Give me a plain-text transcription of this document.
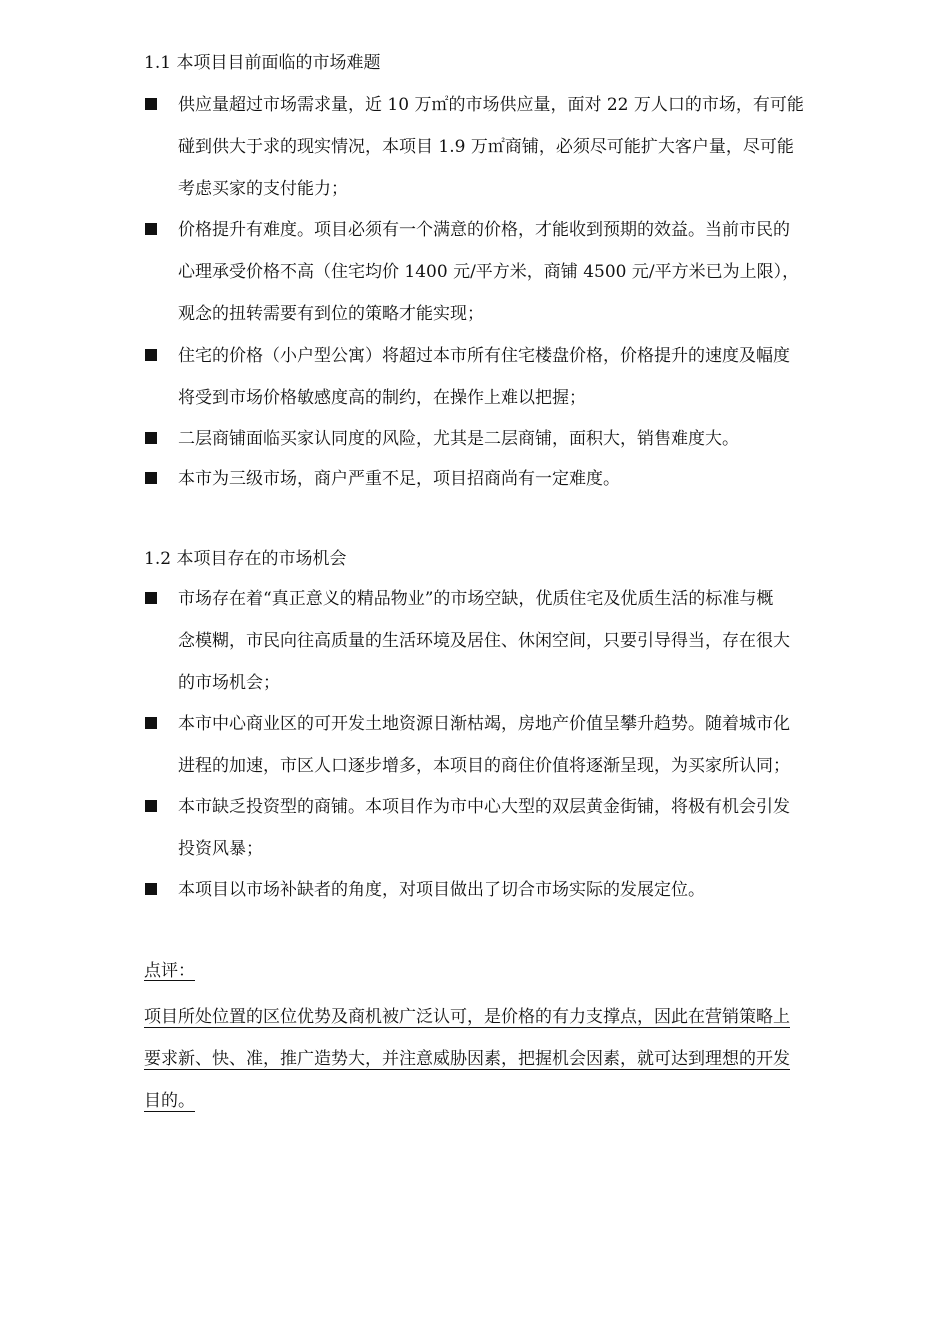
1.1 本项目目前面临的市场难题
供应量超过市场需求量，近 10 万㎡的市场供应量，面对 22 万人口的市场，有可能
碰到供大于求的现实情况，本项目 1.9 万㎡商铺，必须尽可能扩大客户量，尽可能
考虑买家的支付能力；
价格提升有难度。项目必须有一个满意的价格，才能收到预期的效益。当前市民的
心理承受价格不高（住宅均价 1400 元/平方米，商铺 4500 元/平方米已为上限），
观念的扭转需要有到位的策略才能实现；
住宅的价格（小户型公寓）将超过本市所有住宅楼盘价格，价格提升的速度及幅度
将受到市场价格敏感度高的制约，在操作上难以把握；
二层商铺面临买家认同度的风险，尤其是二层商铺，面积大，销售难度大。
本市为三级市场，商户严重不足，项目招商尚有一定难度。
1.2 本项目存在的市场机会
市场存在着“真正意义的精品物业”的市场空缺，优质住宅及优质生活的标准与概
念模糊，市民向往高质量的生活环境及居住、休闲空间，只要引导得当，存在很大
的市场机会；
本市中心商业区的可开发土地资源日渐枯竭，房地产价值呈攀升趋势。随着城市化
进程的加速，市区人口逐步增多，本项目的商住价值将逐渐呈现，为买家所认同；
本市缺乏投资型的商铺。本项目作为市中心大型的双层黄金街铺，将极有机会引发
投资风暴；
本项目以市场补缺者的角度，对项目做出了切合市场实际的发展定位。
点评：
项目所处位置的区位优势及商机被广泛认可，是价格的有力支撑点，因此在营销策略上
要求新、快、准，推广造势大，并注意威胁因素，把握机会因素，就可达到理想的开发
目的。
